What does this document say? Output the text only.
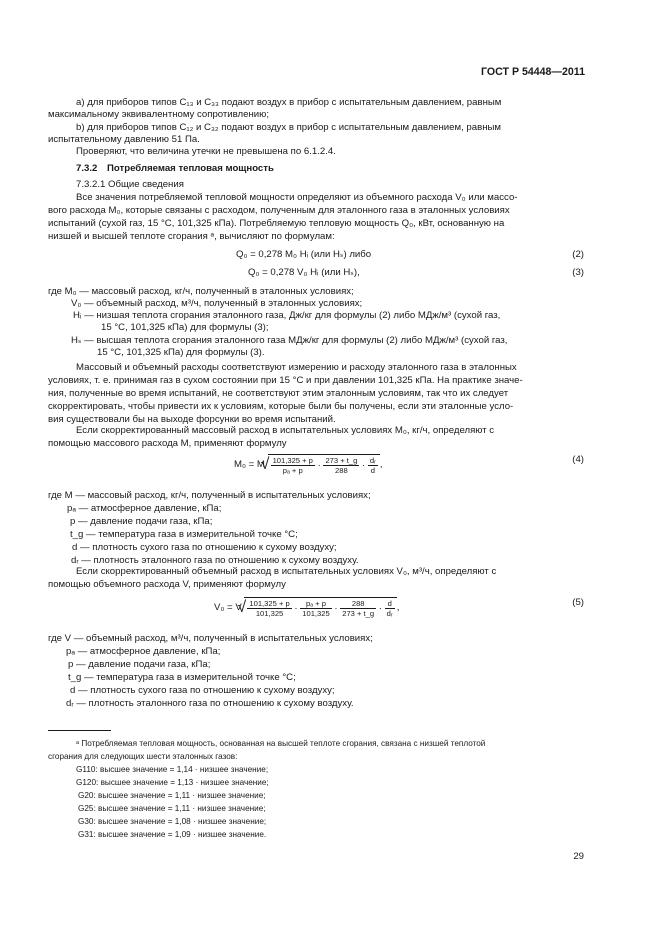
ГОСТ Р 54448—2011
а) для приборов типов C₁₃ и C₃₃ подают воздух в прибор с испытательным давлением, равным
максимальному эквивалентному сопротивлению;
b) для приборов типов C₁₂ и C₃₂ подают воздух в прибор с испытательным давлением, равным
испытательному давлению 51 Па.
Проверяют, что величина утечки не превышена по 6.1.2.4.
7.3.2 Потребляемая тепловая мощность
7.3.2.1 Общие сведения
Все значения потребляемой тепловой мощности определяют из объемного расхода V₀ или массо-
вого расхода M₀, которые связаны с расходом, полученным для эталонного газа в эталонных условиях
испытаний (сухой газ, 15 °С, 101,325 кПа). Потребляемую тепловую мощность Q₀, кВт, основанную на
низшей и высшей теплоте сгорания ᵃ, вычисляют по формулам:
Q₀ = 0,278 M₀ Hᵢ (или Hₛ) либо	(2)
Q₀ = 0,278 V₀ Hᵢ (или Hₛ),	(3)
где M₀ — массовый расход, кг/ч, полученный в эталонных условиях;
V₀ — объемный расход, м³/ч, полученный в эталонных условиях;
Hᵢ — низшая теплота сгорания эталонного газа, Дж/кг для формулы (2) либо МДж/м³ (сухой газ,
15 °С, 101,325 кПа) для формулы (3);
Hₛ — высшая теплота сгорания эталонного газа МДж/кг для формулы (2) либо МДж/м³ (сухой газ,
15 °С, 101,325 кПа) для формулы (3).
Массовый и объемный расходы соответствуют измерению и расходу эталонного газа в эталонных
условиях, т. е. принимая газ в сухом состоянии при 15 °С и при давлении 101,325 кПа. На практике значе-
ния, полученные во время испытаний, не соответствуют этим эталонным условиям, так что их следует
скорректировать, чтобы привести их к условиям, которые были бы получены, если эти эталонные усло-
вия существовали бы на выходе форсунки во время испытаний.
Если скорректированный массовый расход в испытательных условиях M₀, кг/ч, определяют с
помощью массового расхода M, применяют формулу
M₀ = M √ $\frac{101,325 + p}{\text{pₐ + p}} \cdot \frac{273 + t\_g}{288} \cdot \frac{\text{dᵣ}}{d}$ ,	(4)
где M — массовый расход, кг/ч, полученный в испытательных условиях;
pₐ — атмосферное давление, кПа;
p — давление подачи газа, кПа;
t_g — температура газа в измерительной точке °С;
d — плотность сухого газа по отношению к сухому воздуху;
dᵣ — плотность эталонного газа по отношению к сухому воздуху.
Если скорректированный объемный расход в испытательных условиях V₀, м³/ч, определяют с
помощью объемного расхода V, применяют формулу
V₀ = V √ $\frac{101,325 + p}{101,325} \cdot \frac{\text{pₐ + p}}{101,325} \cdot \frac{288}{273 + t\_g} \cdot \frac{d}{\text{dᵣ}}$ ,	(5)
где V — объемный расход, м³/ч, полученный в испытательных условиях;
pₐ — атмосферное давление, кПа;
p — давление подачи газа, кПа;
t_g — температура газа в измерительной точке °С;
d — плотность сухого газа по отношению к сухому воздуху;
dᵣ — плотность эталонного газа по отношению к сухому воздуху.
ᵃ Потребляемая тепловая мощность, основанная на высшей теплоте сгорания, связана с низшей теплотой
сгорания для следующих шести эталонных газов:
G110: высшее значение = 1,14 · низшее значение;
G120: высшее значение = 1,13 · низшее значение;
G20: высшее значение = 1,11 · низшее значение;
G25: высшее значение = 1,11 · низшее значение;
G30: высшее значение = 1,08 · низшее значение;
G31: высшее значение = 1,09 · низшее значение.
29
